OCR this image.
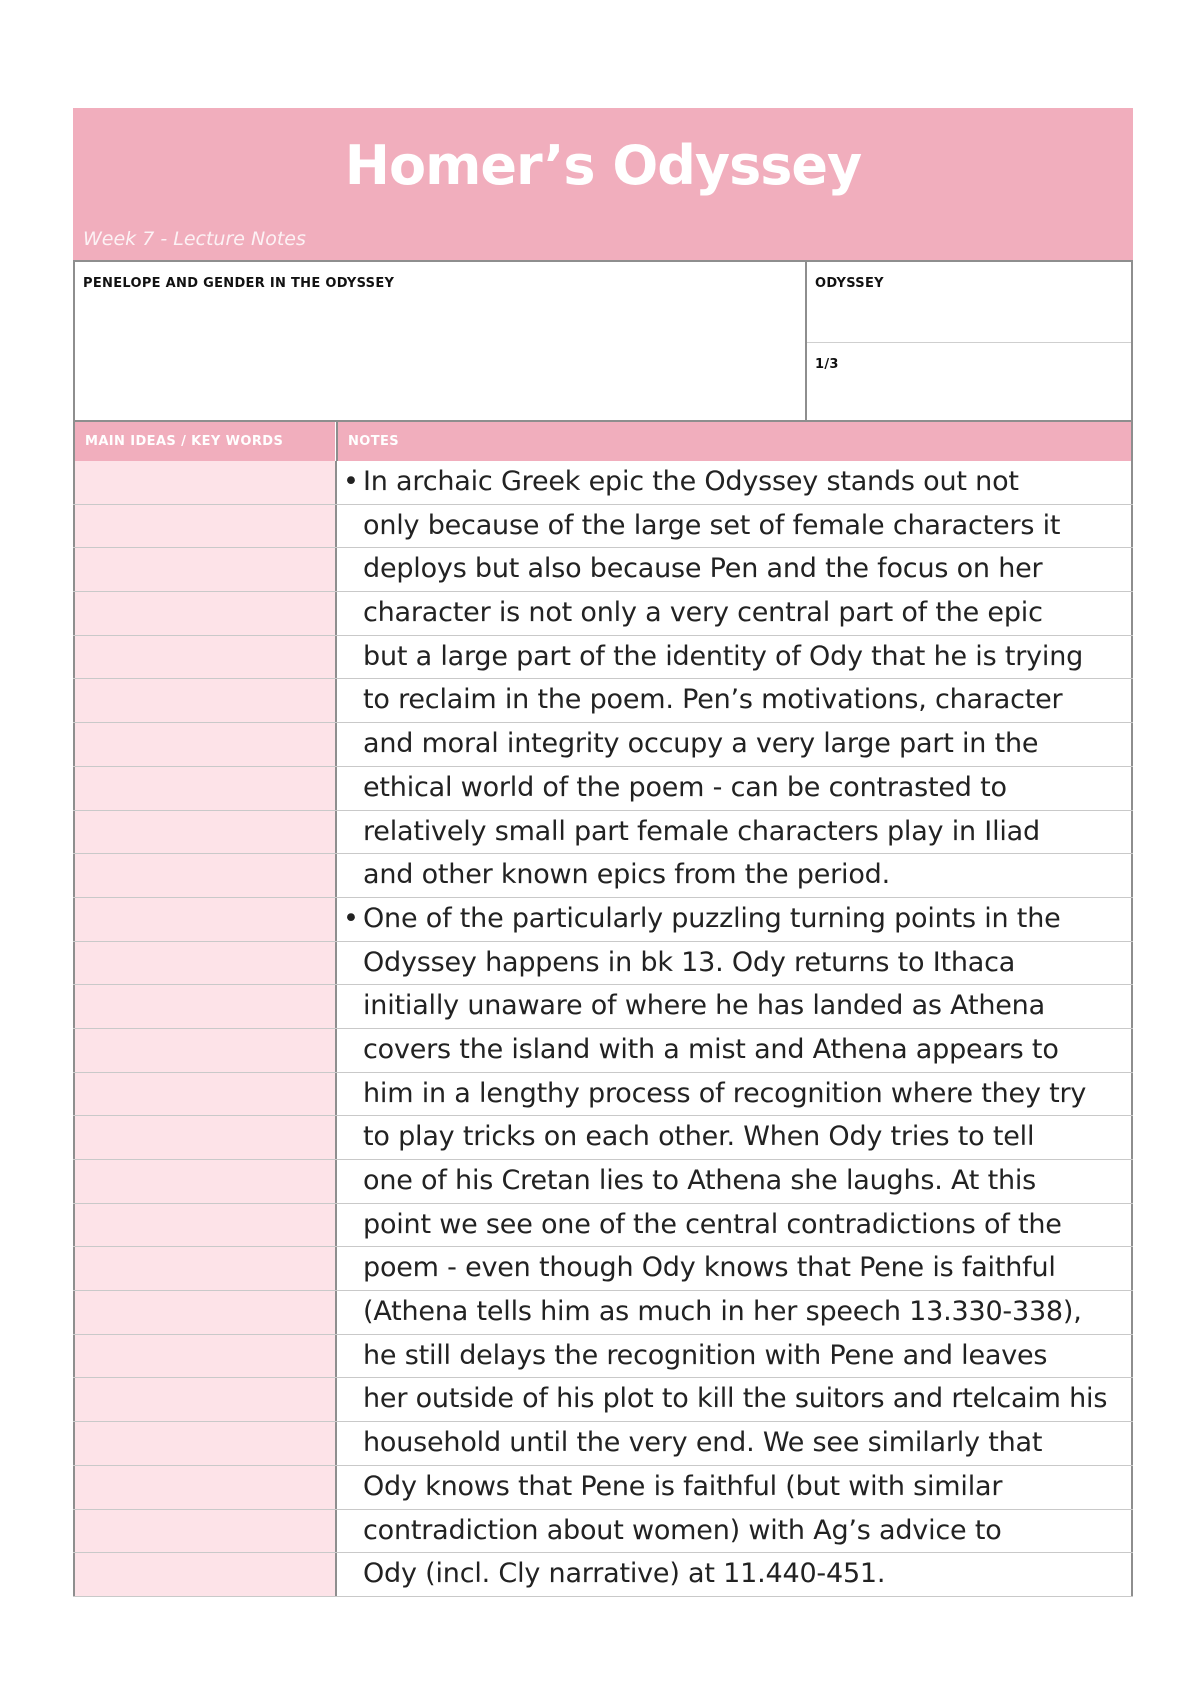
Homer’s Odyssey
Week 7 - Lecture Notes
PENELOPE AND GENDER IN THE ODYSSEY	ODYSSEY
1/3
MAIN IDEAS / KEY WORDS	NOTES
• In archaic Greek epic the Odyssey stands out not
only because of the large set of female characters it
deploys but also because Pen and the focus on her
character is not only a very central part of the epic
but a large part of the identity of Ody that he is trying
to reclaim in the poem. Pen’s motivations, character
and moral integrity occupy a very large part in the
ethical world of the poem - can be contrasted to
relatively small part female characters play in Iliad
and other known epics from the period.
• One of the particularly puzzling turning points in the
Odyssey happens in bk 13. Ody returns to Ithaca
initially unaware of where he has landed as Athena
covers the island with a mist and Athena appears to
him in a lengthy process of recognition where they try
to play tricks on each other. When Ody tries to tell
one of his Cretan lies to Athena she laughs. At this
point we see one of the central contradictions of the
poem - even though Ody knows that Pene is faithful
(Athena tells him as much in her speech 13.330-338),
he still delays the recognition with Pene and leaves
her outside of his plot to kill the suitors and rtelcaim his
household until the very end. We see similarly that
Ody knows that Pene is faithful (but with similar
contradiction about women) with Ag’s advice to
Ody (incl. Cly narrative) at 11.440-451.
